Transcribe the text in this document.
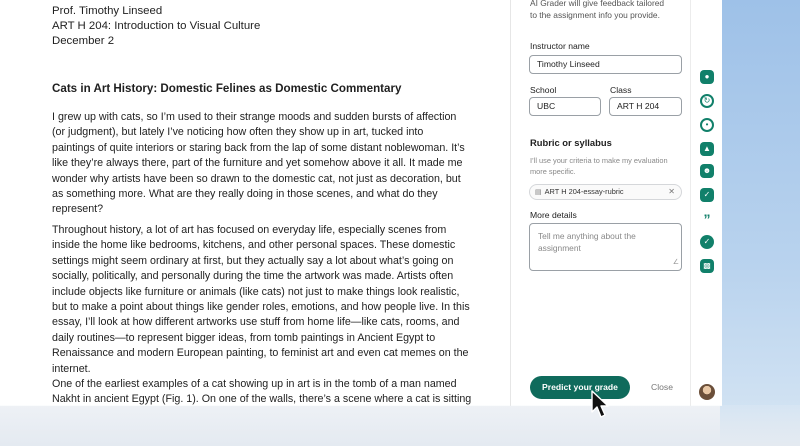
Prof. Timothy Linseed
ART H 204: Introduction to Visual Culture
December 2
Cats in Art History: Domestic Felines as Domestic Commentary
I grew up with cats, so I’m used to their strange moods and sudden bursts of affection
(or judgment), but lately I’ve noticing how often they show up in art, tucked into
paintings of quite interiors or staring back from the lap of some distant noblewoman. It’s
like they’re always there, part of the furniture and yet somehow above it all. It made me
wonder why artists have been so drawn to the domestic cat, not just as decoration, but
as something more. What are they really doing in those scenes, and what do they
represent?
Throughout history, a lot of art has focused on everyday life, especially scenes from
inside the home like bedrooms, kitchens, and other personal spaces. These domestic
settings might seem ordinary at first, but they actually say a lot about what’s going on
socially, politically, and personally during the time the artwork was made. Artists often
include objects like furniture or animals (like cats) not just to make things look realistic,
but to make a point about things like gender roles, emotions, and how people live. In this
essay, I’ll look at how different artworks use stuff from home life—like cats, rooms, and
daily routines—to represent bigger ideas, from tomb paintings in Ancient Egypt to
Renaissance and modern European painting, to feminist art and even cat memes on the
internet.
One of the earliest examples of a cat showing up in art is in the tomb of a man named
Nakht in ancient Egypt (Fig. 1). On one of the walls, there’s a scene where a cat is sitting
AI Grader will give feedback tailored
to the assignment info you provide.
Instructor name
Timothy Linseed
School
UBC
Class
ART H 204
Rubric or syllabus
I’ll use your criteria to make my evaluation
more specific.
▤ ART H 204-essay-rubric	✕
More details
Tell me anything about the
assignment
∠
Predict your grade	Close
●
↻
•
▲
☻
✓
”
✓
▩
